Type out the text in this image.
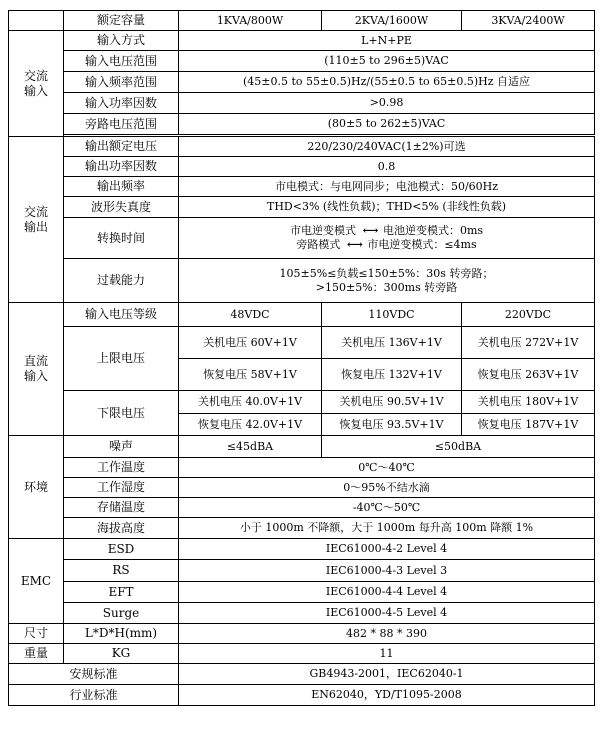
	额定容量	1KVA/800W	2KVA/1600W	3KVA/2400W
交流
输入	输入方式	L+N+PE		
	输入电压范围	(110±5 to 296±5)VAC		
	输入频率范围	(45±0.5 to 55±0.5)Hz/(55±0.5 to 65±0.5)Hz 自适应		
	输入功率因数	>0.98		
	旁路电压范围	(80±5 to 262±5)VAC		

交流
输出	输出额定电压	220/230/240VAC(1±2%)可选		
	输出功率因数	0.8		
	输出频率	市电模式：与电网同步；电池模式：50/60Hz		
	波形失真度	THD<3% (线性负载)；THD<5% (非线性负载)		
	转换时间	市电逆变模式 ⟷ 电池逆变模式：0ms
旁路模式 ⟷ 市电逆变模式：≤4ms		

	过载能力	105±5%≤负载≤150±5%：30s 转旁路；
>150±5%：300ms 转旁路		

直流
输入	输入电压等级	48VDC	110VDC	220VDC
	上限电压	关机电压 60V+1V	关机电压 136V+1V	关机电压 272V+1V
		恢复电压 58V+1V	恢复电压 132V+1V	恢复电压 263V+1V
	下限电压	关机电压 40.0V+1V	关机电压 90.5V+1V	关机电压 180V+1V
		恢复电压 42.0V+1V	恢复电压 93.5V+1V	恢复电压 187V+1V
环境	噪声	≤45dBA	≤50dBA	
	工作温度	0℃～40℃		
	工作湿度	0～95%不结水滴		
	存储温度	-40℃～50℃		
	海拔高度	小于 1000m 不降额，大于 1000m 每升高 100m 降额 1%		
EMC	ESD	IEC61000-4-2 Level 4		
	RS	IEC61000-4-3 Level 3		
	EFT	IEC61000-4-4 Level 4		
	Surge	IEC61000-4-5 Level 4		
尺寸	L*D*H(mm)	482 * 88 * 390		
重量	KG	11		
安规标准		GB4943-2001，IEC62040-1		
行业标准		EN62040，YD/T1095-2008		
